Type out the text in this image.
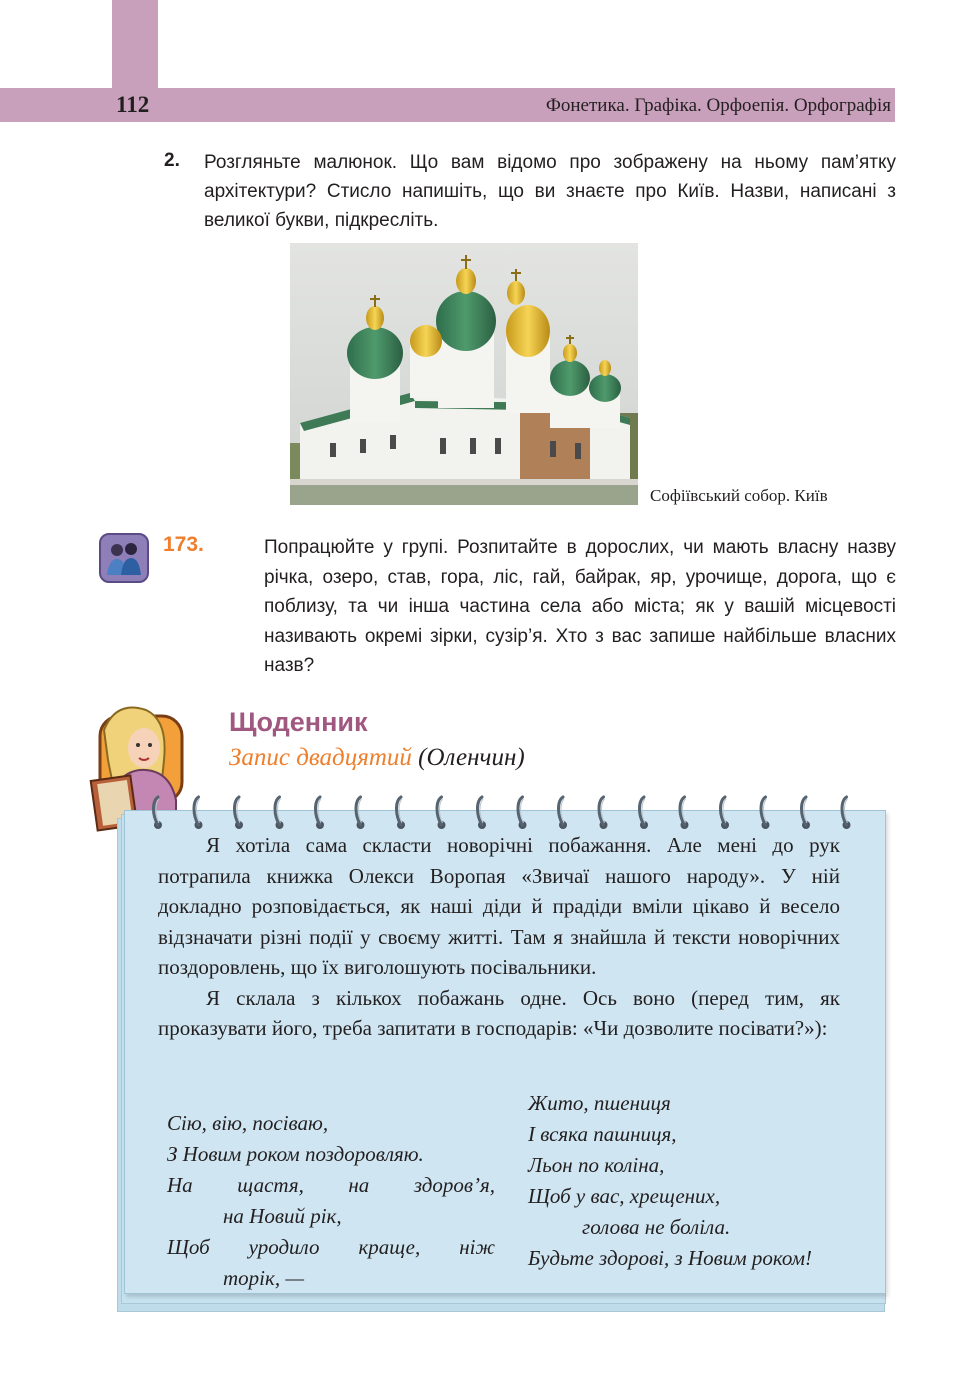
112	Фонетика. Графіка. Орфоепія. Орфографія
2. Розгляньте малюнок. Що вам відомо про зображену на ньому пам’ятку архітектури? Стисло напишіть, що ви знаєте про Київ. Назви, написані з великої букви, підкресліть.
Софіївський собор. Київ
173.	Попрацюйте у групі. Розпитайте в дорослих, чи мають власну назву річка, озеро, став, гора, ліс, гай, байрак, яр, урочище, дорога, що є поблизу, та чи інша частина села або міста; як у вашій місцевості називають окремі зірки, сузір’я. Хто з вас запише найбільше власних назв?
Щоденник
Запис двадцятий (Оленчин)

Я хотіла сама скласти новорічні побажання. Але мені до рук потрапила книжка Олекси Воропая «Звичаї нашого народу». У ній докладно розповідається, як наші діди й прадіди вміли цікаво й весело відзначати різні події у своєму житті. Там я знайшла й тексти новорічних поздоровлень, що їх виголошують посівальники.

Я склала з кількох побажань одне. Ось воно (перед тим, як проказувати його, треба запитати в господарів: «Чи дозволите посівати?»):

Сію, вію, посіваю,
З Новим роком поздоровляю.
На щастя, на здоров’я,
на Новий рік,
Щоб уродило краще, ніж
торік, —
Жито, пшениця
І всяка пашниця,
Льон по коліна,
Щоб у вас, хрещених,
голова не боліла.
Будьте здорові, з Новим роком!
